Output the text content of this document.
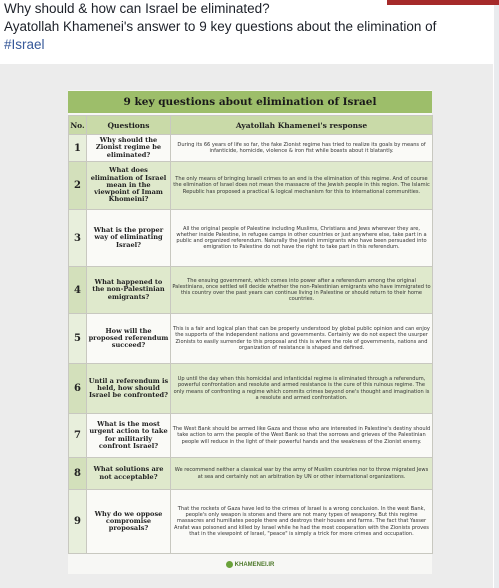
Why should & how can Israel be eliminated?
Ayatollah Khamenei's answer to 9 key questions about the elimination of
#Israel
9 key questions about elimination of Israel
No.	Questions	Ayatollah Khamenei's response
1	Why should the Zionist regime be eliminated?	During its 66 years of life so far, the fake Zionist regime has tried to realize its goals by means of infanticide, homicide, violence & iron fist while boasts about it blatantly.
2	What does elimination of Israel mean in the viewpoint of Imam Khomeini?	The only means of bringing Israeli crimes to an end is the elimination of this regime. And of course the elimination of Israel does not mean the massacre of the Jewish people in this region. The Islamic Republic has proposed a practical & logical mechanism for this to international communities.
3	What is the proper way of eliminating Israel?	All the original people of Palestine including Muslims, Christians and Jews wherever they are, whether inside Palestine, in refugee camps in other countries or just anywhere else, take part in a public and organized referendum. Naturally the Jewish immigrants who have been persuaded into emigration to Palestine do not have the right to take part in this referendum.
4	What happened to the non-Palestinian emigrants?	The ensuing government, which comes into power after a referendum among the original Palestinians, once settled will decide whether the non-Palestinian emigrants who have immigrated to this country over the past years can continue living in Palestine or should return to their home countries.
5	How will the proposed referendum succeed?	This is a fair and logical plan that can be properly understood by global public opinion and can enjoy the supports of the independent nations and governments. Certainly we do not expect the usurper Zionists to easily surrender to this proposal and this is where the role of governments, nations and organization of resistance is shaped and defined.
6	Until a referendum is held, how should Israel be confronted?	Up until the day when this homicidal and infanticidal regime is eliminated through a referendum, powerful confrontation and resolute and armed resistance is the cure of this ruinous regime. The only means of confronting a regime which commits crimes beyond one's thought and imagination is a resolute and armed confrontation.
7	What is the most urgent action to take for militarily confront Israel?	The West Bank should be armed like Gaza and those who are interested in Palestine's destiny should take action to arm the people of the West Bank so that the sorrows and grieves of the Palestinian people will reduce in the light of their powerful hands and the weakness of the Zionist enemy.
8	What solutions are not acceptable?	We recommend neither a classical war by the army of Muslim countries nor to throw migrated Jews at sea and certainly not an arbitration by UN or other international organizations.
9	Why do we oppose compromise proposals?	That the rockets of Gaza have led to the crimes of Israel is a wrong conclusion. In the west Bank, people's only weapon is stones and there are not many types of weaponry. But this regime massacres and humiliates people there and destroys their houses and farms. The fact that Yasser Arafat was poisoned and killed by Israel while he had the most cooperation with the Zionists proves that in the viewpoint of Israel, "peace" is simply a trick for more crimes and occupation.
KHAMENEI.IR
